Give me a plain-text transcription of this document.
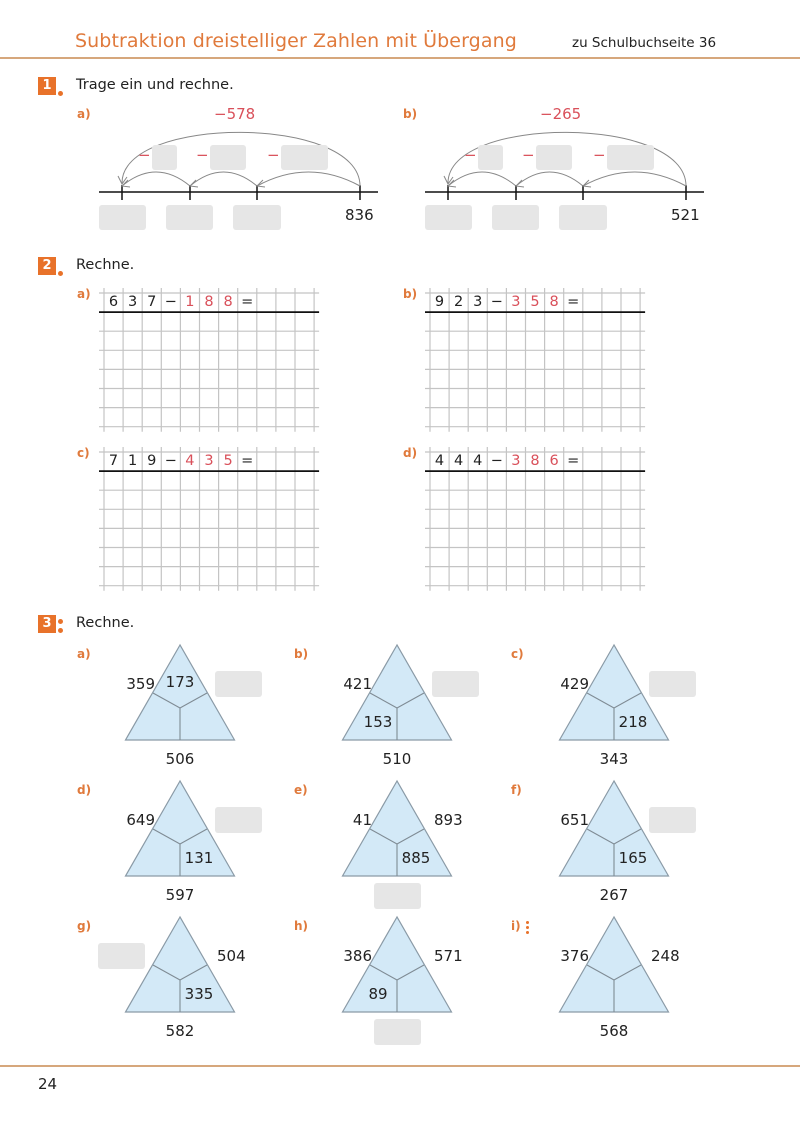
Subtraktion dreistelliger Zahlen mit Übergang	zu Schulbuchseite 36
1	Trage ein und rechne.
a)	−578
−	−	−
836
b)	−265
−	−	−
521
2	Rechne.
a)	6 3 7 − 1 8 8 =	b)	9 2 3 − 3 5 8 =
c)	7 1 9 − 4 3 5 =	d)	4 4 4 − 3 8 6 =
3	Rechne.
a)
359
506
173
b)
421
510
153
c)
429
343
218
d)
649
597
131
e)
41	893
885
f)
651
267
165
g)
504
582
335
h)
386	571
89
i)
376	248
568
24
